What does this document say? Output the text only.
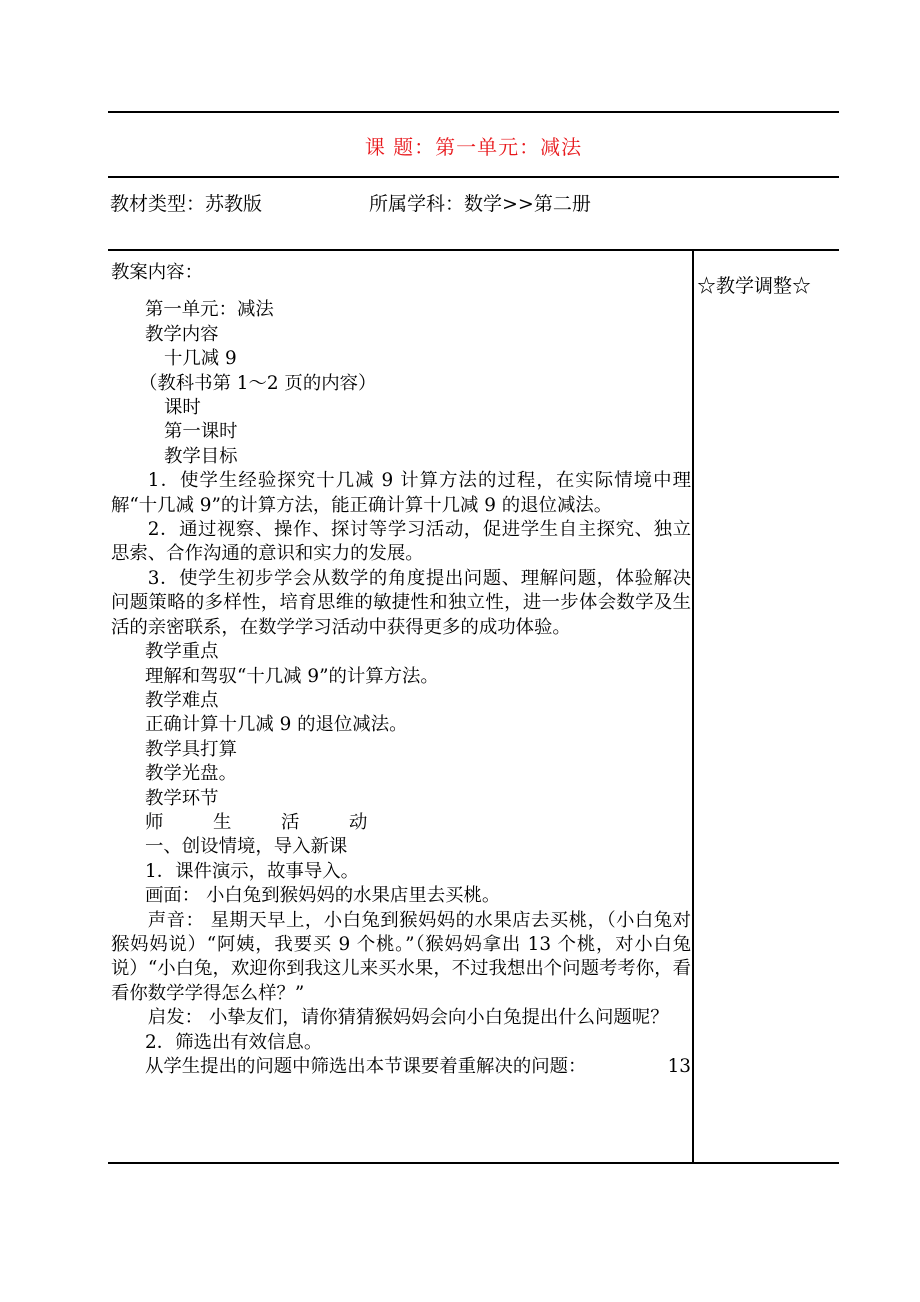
课 题：第一单元：减法
教材类型：苏教版	所属学科：数学>>第二册
☆教学调整☆

教案内容：

第一单元：减法

教学内容

十几减 9

（教科书第 1～2 页的内容）

课时

第一课时

教学目标

1．使学生经验探究十几减 9 计算方法的过程，在实际情境中理解“十几减 9”的计算方法，能正确计算十几减 9 的退位减法。

2．通过视察、操作、探讨等学习活动，促进学生自主探究、独立思索、合作沟通的意识和实力的发展。

3．使学生初步学会从数学的角度提出问题、理解问题，体验解决问题策略的多样性，培育思维的敏捷性和独立性，进一步体会数学及生活的亲密联系，在数学学习活动中获得更多的成功体验。

教学重点

理解和驾驭“十几减 9”的计算方法。

教学难点

正确计算十几减 9 的退位减法。

教学具打算

教学光盘。

教学环节

师	生	活	动

一、创设情境，导入新课

1．课件演示，故事导入。

画面： 小白兔到猴妈妈的水果店里去买桃。

声音： 星期天早上，小白兔到猴妈妈的水果店去买桃，（小白兔对猴妈妈说）“阿姨，我要买 9 个桃。”（猴妈妈拿出 13 个桃，对小白兔说）“小白兔，欢迎你到我这儿来买水果，不过我想出个问题考考你，看看你数学学得怎么样？”

启发： 小挚友们，请你猜猜猴妈妈会向小白兔提出什么问题呢？

2．筛选出有效信息。

从学生提出的问题中筛选出本节课要着重解决的问题：	13
